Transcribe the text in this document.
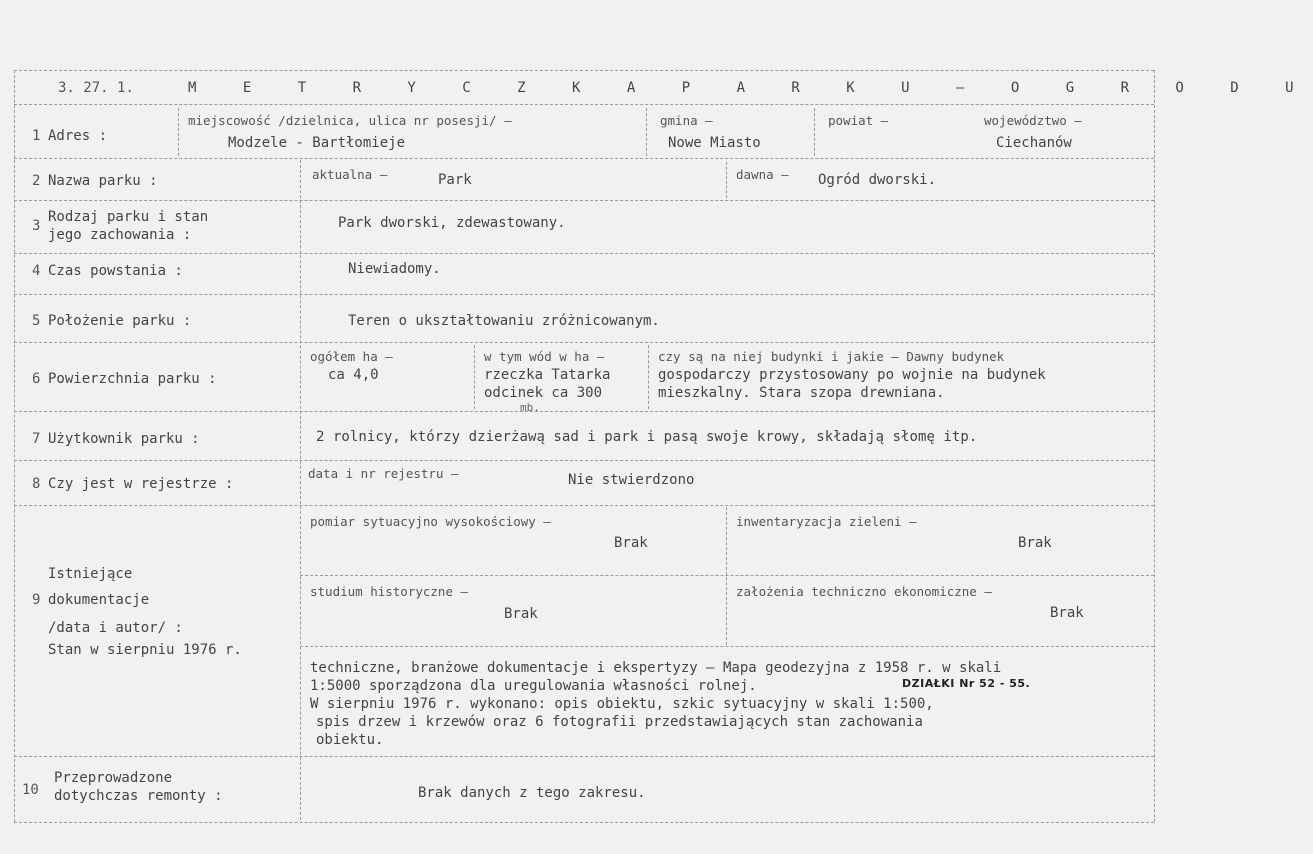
3. 27. 1.	M E T R Y C Z K A P A R K U – O G R O D U
1 Adres :
miejscowość /dzielnica, ulica nr posesji/ –
Modzele - Bartłomieje
gmina –
Nowe Miasto
powiat –	województwo –
Ciechanów
2 Nazwa parku :	aktualna –	Park	dawna – Ogród dworski.
3
Rodzaj parku i stan
jego zachowania :
Park dworski, zdewastowany.
4 Czas powstania :	Niewiadomy.
5 Położenie parku :	Teren o ukształtowaniu zróżnicowanym.
6 Powierzchnia parku :
ogółem ha –
ca 4,0
w tym wód w ha –
rzeczka Tatarka
odcinek ca 300
mb.
czy są na niej budynki i jakie – Dawny budynek
gospodarczy przystosowany po wojnie na budynek
mieszkalny. Stara szopa drewniana.
7 Użytkownik parku :	2 rolnicy, którzy dzierżawą sad i park i pasą swoje krowy, składają słomę itp.
8 Czy jest w rejestrze :
data i nr rejestru –	Nie stwierdzono
9
Istniejące
dokumentacje
/data i autor/ :
Stan w sierpniu 1976 r.
pomiar sytuacyjno wysokościowy –
Brak
inwentaryzacja zieleni –
Brak
studium historyczne –
Brak
założenia techniczno ekonomiczne –
Brak
techniczne, branżowe dokumentacje i ekspertyzy – Mapa geodezyjna z 1958 r. w skali
1:5000 sporządzona dla uregulowania własności rolnej.	DZIAŁKI Nr 52 - 55.
W sierpniu 1976 r. wykonano: opis obiektu, szkic sytuacyjny w skali 1:500,
spis drzew i krzewów oraz 6 fotografii przedstawiających stan zachowania
obiektu.
10
Przeprowadzone
dotychczas remonty :	Brak danych z tego zakresu.
